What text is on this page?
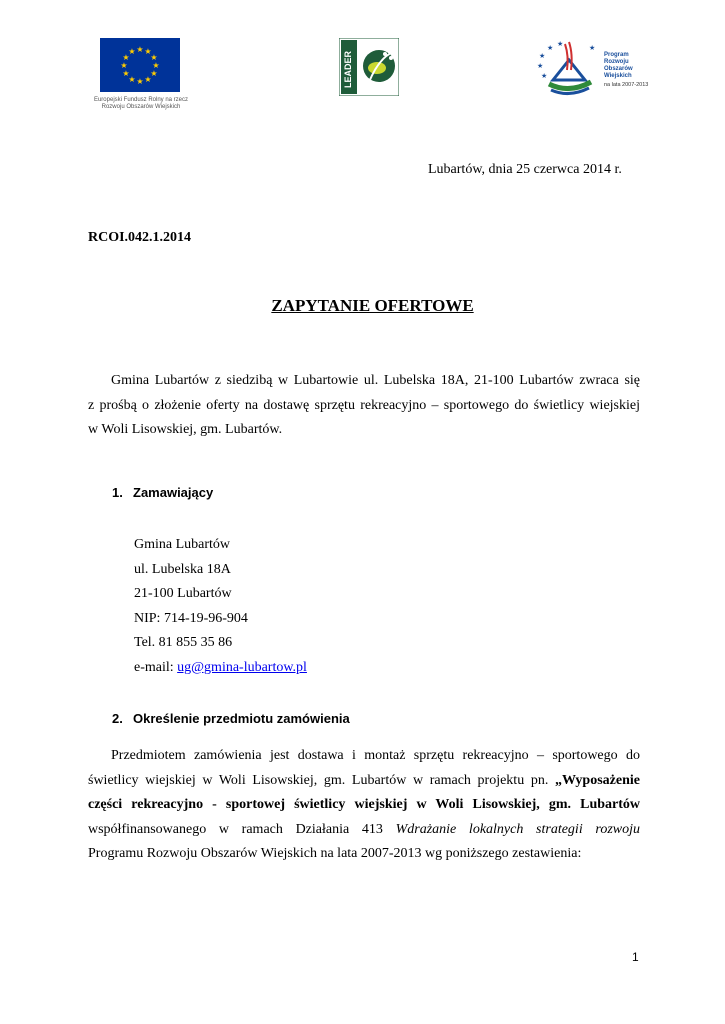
★ ★
★
★
★
★
★
★
★
★
★
★
Europejski Fundusz Rolny na rzecz
Rozwoju Obszarów Wiejskich
LEADER	★
★
★
★ ★	★
Program
Rozwoju
Obszarów
Wiejskich
na lata 2007-2013
Lubartów, dnia 25 czerwca 2014 r.
RCOI.042.1.2014
ZAPYTANIE OFERTOWE
Gmina Lubartów z siedzibą w Lubartowie ul. Lubelska 18A, 21-100 Lubartów zwraca się
z prośbą o złożenie oferty na dostawę sprzętu rekreacyjno – sportowego do świetlicy wiejskiej
w Woli Lisowskiej, gm. Lubartów.
1. Zamawiający
Gmina Lubartów
ul. Lubelska 18A
21-100 Lubartów
NIP: 714-19-96-904
Tel. 81 855 35 86
e-mail: ug@gmina-lubartow.pl
2. Określenie przedmiotu zamówienia
Przedmiotem zamówienia jest dostawa i montaż sprzętu rekreacyjno – sportowego do
świetlicy wiejskiej w Woli Lisowskiej, gm. Lubartów w ramach projektu pn. „Wyposażenie
części rekreacyjno - sportowej świetlicy wiejskiej w Woli Lisowskiej, gm. Lubartów
współfinansowanego w ramach Działania 413 Wdrażanie lokalnych strategii rozwoju
Programu Rozwoju Obszarów Wiejskich na lata 2007-2013 wg poniższego zestawienia:
1
